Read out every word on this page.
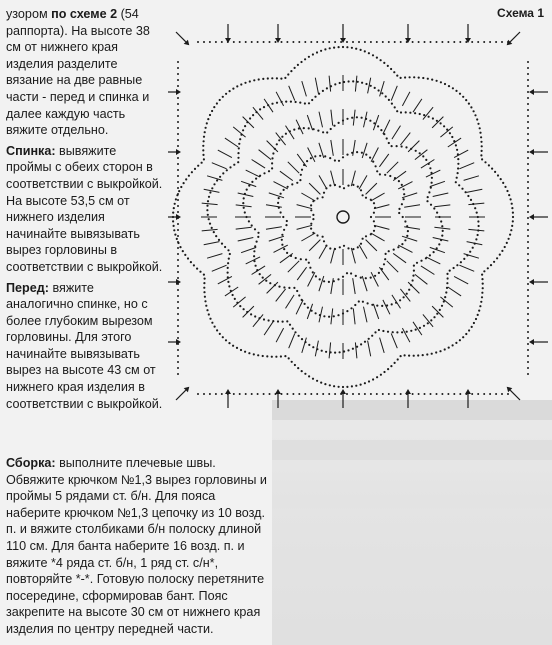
узором по схеме 2 (54 раппорта). На высоте 38 см от нижнего края изделия разделите вязание на две равные части - перед и спинка и далее каждую часть вяжите отдельно.

Спинка: вывяжите проймы с обеих сторон в соответствии с выкройкой. На высоте 53,5 см от нижнего изделия начинайте вывязывать вырез горловины в соответствии с выкройкой.

Перед: вяжите аналогично спинке, но с более глубоким вырезом горловины. Для этого начинайте вывязывать вырез на высоте 43 см от нижнего края изделия в соответствии с выкройкой.

Сборка: выполните плечевые швы. Обвяжите крючком №1,3 вырез горловины и проймы 5 рядами ст. б/н. Для пояса наберите крючком №1,3 цепочку из 10 возд. п. и вяжите столбиками б/н полоску длиной 110 см. Для банта наберите 16 возд. п. и вяжите *4 ряда ст. б/н, 1 ряд ст. с/н*, повторяйте *-*. Готовую полоску перетяните посередине, сформировав бант. Пояс закрепите на высоте 30 см от нижнего края изделия по центру передней части.

Схема 1
